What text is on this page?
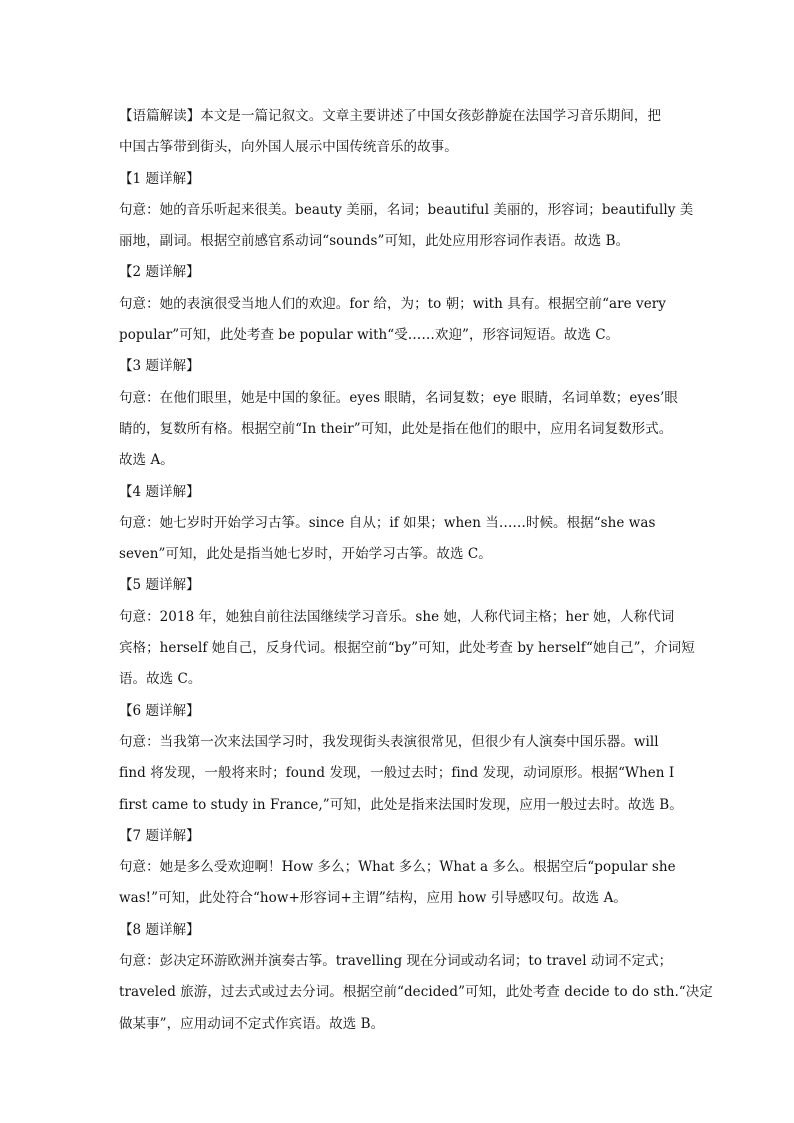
【语篇解读】本文是一篇记叙文。文章主要讲述了中国女孩彭静旋在法国学习音乐期间，把
中国古筝带到街头，向外国人展示中国传统音乐的故事。
【1 题详解】
句意：她的音乐听起来很美。beauty 美丽，名词；beautiful 美丽的，形容词；beautifully 美
丽地，副词。根据空前感官系动词“sounds”可知，此处应用形容词作表语。故选 B。
【2 题详解】
句意：她的表演很受当地人们的欢迎。for 给，为；to 朝；with 具有。根据空前“are very
popular”可知，此处考查 be popular with“受……欢迎”，形容词短语。故选 C。
【3 题详解】
句意：在他们眼里，她是中国的象征。eyes 眼睛，名词复数；eye 眼睛，名词单数；eyes’眼
睛的，复数所有格。根据空前“In their”可知，此处是指在他们的眼中，应用名词复数形式。
故选 A。
【4 题详解】
句意：她七岁时开始学习古筝。since 自从；if 如果；when 当……时候。根据“she was
seven”可知，此处是指当她七岁时，开始学习古筝。故选 C。
【5 题详解】
句意：2018 年，她独自前往法国继续学习音乐。she 她，人称代词主格；her 她，人称代词
宾格；herself 她自己，反身代词。根据空前“by”可知，此处考查 by herself“她自己”，介词短
语。故选 C。
【6 题详解】
句意：当我第一次来法国学习时，我发现街头表演很常见，但很少有人演奏中国乐器。will
find 将发现，一般将来时；found 发现，一般过去时；find 发现，动词原形。根据“When I
first came to study in France,”可知，此处是指来法国时发现，应用一般过去时。故选 B。
【7 题详解】
句意：她是多么受欢迎啊！How 多么；What 多么；What a 多么。根据空后“popular she
was!”可知，此处符合“how+形容词+主谓”结构，应用 how 引导感叹句。故选 A。
【8 题详解】
句意：彭决定环游欧洲并演奏古筝。travelling 现在分词或动名词；to travel 动词不定式；
traveled 旅游，过去式或过去分词。根据空前“decided”可知，此处考查 decide to do sth.“决定
做某事”，应用动词不定式作宾语。故选 B。
